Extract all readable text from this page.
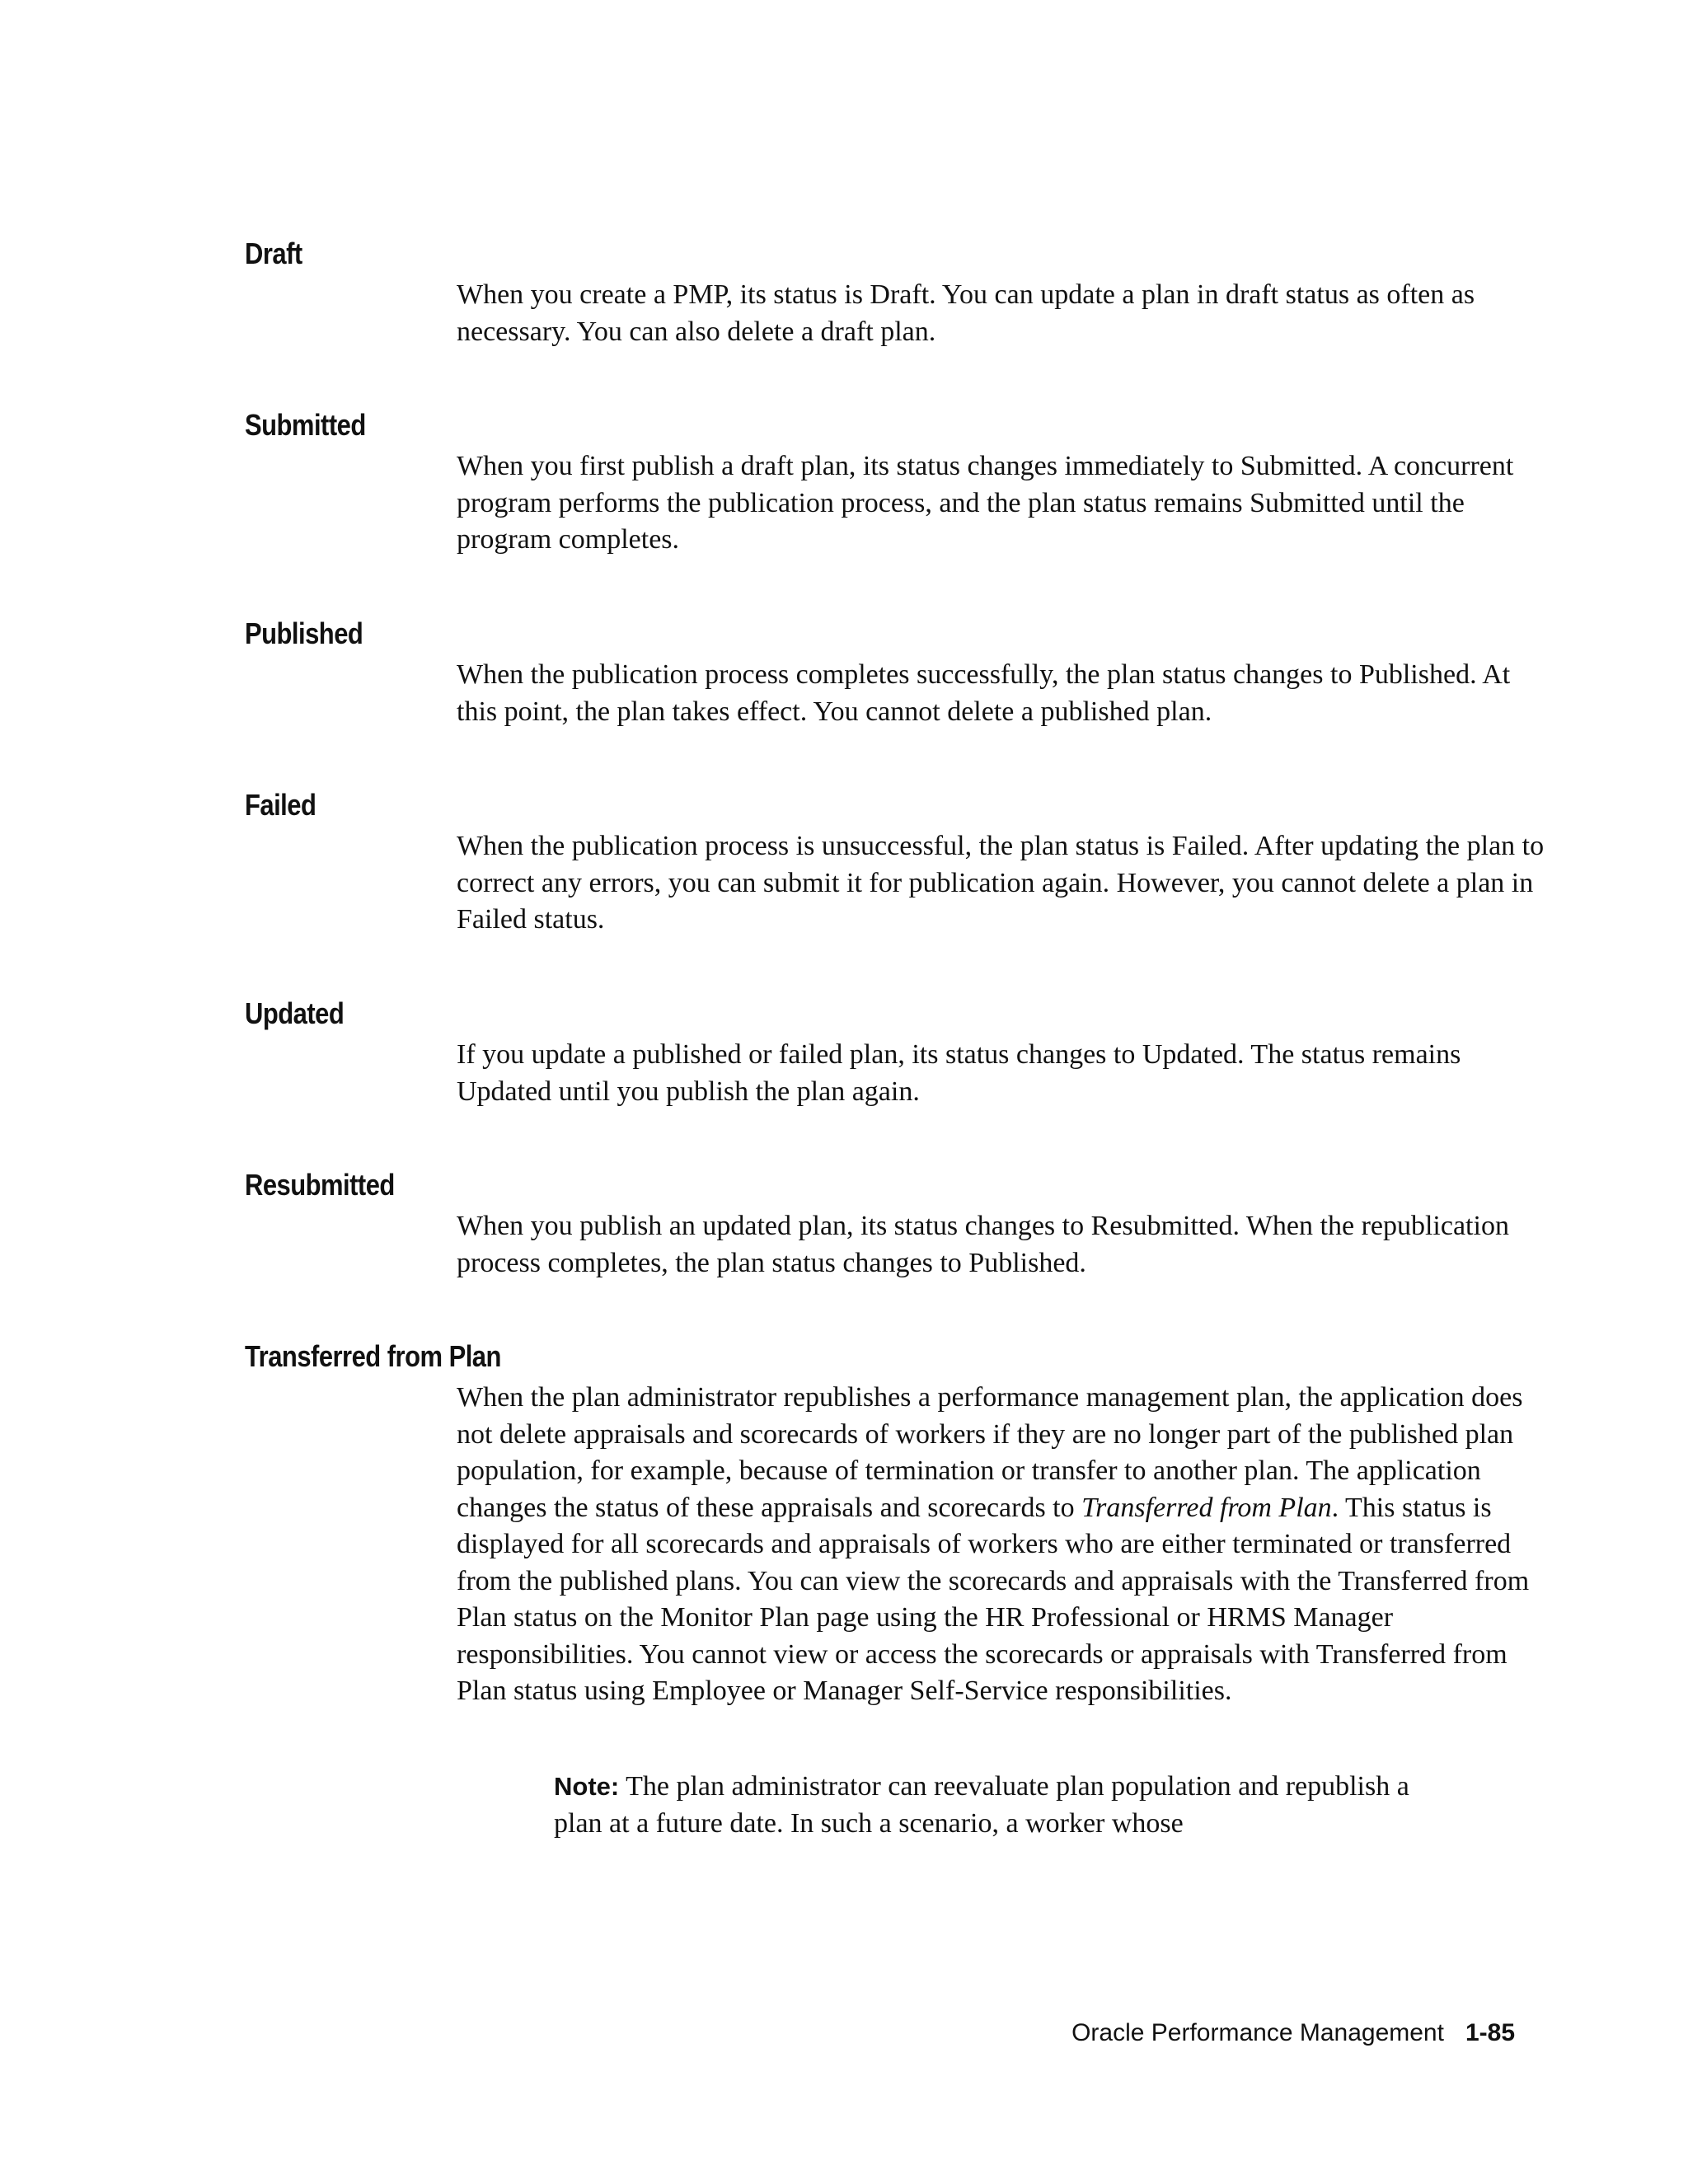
Draft

When you create a PMP, its status is Draft. You can update a plan in draft status as often as necessary. You can also delete a draft plan.

Submitted

When you first publish a draft plan, its status changes immediately to Submitted. A concurrent program performs the publication process, and the plan status remains Submitted until the program completes.

Published

When the publication process completes successfully, the plan status changes to Published. At this point, the plan takes effect. You cannot delete a published plan.

Failed

When the publication process is unsuccessful, the plan status is Failed. After updating the plan to correct any errors, you can submit it for publication again. However, you cannot delete a plan in Failed status.

Updated

If you update a published or failed plan, its status changes to Updated. The status remains Updated until you publish the plan again.

Resubmitted

When you publish an updated plan, its status changes to Resubmitted. When the republication process completes, the plan status changes to Published.

Transferred from Plan

When the plan administrator republishes a performance management plan, the application does not delete appraisals and scorecards of workers if they are no longer part of the published plan population, for example, because of termination or transfer to another plan. The application changes the status of these appraisals and scorecards to Transferred from Plan. This status is displayed for all scorecards and appraisals of workers who are either terminated or transferred from the published plans. You can view the scorecards and appraisals with the Transferred from Plan status on the Monitor Plan page using the HR Professional or HRMS Manager responsibilities. You cannot view or access the scorecards or appraisals with Transferred from Plan status using Employee or Manager Self-Service responsibilities.

Note: The plan administrator can reevaluate plan population and republish a plan at a future date. In such a scenario, a worker whose
Oracle Performance Management 1-85
